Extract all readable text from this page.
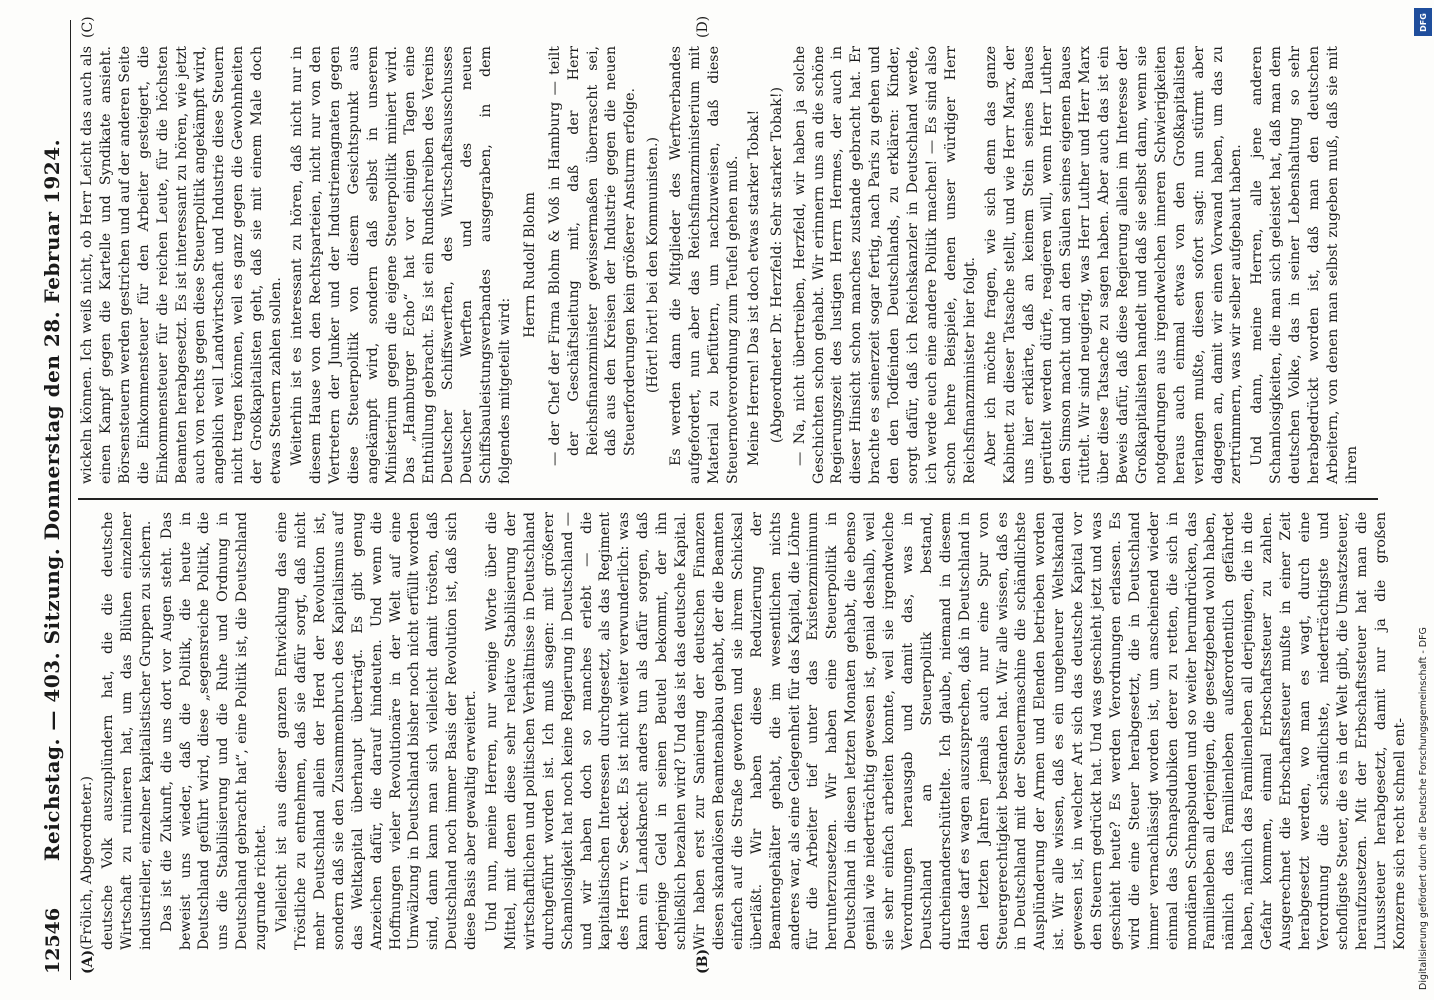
12546
Reichstag. — 403. Sitzung. Donnerstag den 28. Februar 1924.
(A)	(B)
(C)	(D)

(Frölich, Abgeordneter.) deutsche Volk auszuplündern hat, die die deutsche Wirtschaft zu ruinieren hat, um das Blühen einzelner industrieller, einzelner kapitalistischer Gruppen zu sichern. Das ist die Zukunft, die uns dort vor Augen steht. Das beweist uns wieder, daß die Politik, die heute in Deutschland geführt wird, diese „segensreiche Politik, die uns die Stabilisierung und die Ruhe und Ordnung in Deutschland gebracht hat“, eine Politik ist, die Deutschland zugrunde richtet. Vielleicht ist aus dieser ganzen Entwicklung das eine Tröstliche zu entnehmen, daß sie dafür sorgt, daß nicht mehr Deutschland allein der Herd der Revolution ist, sondern daß sie den Zusammenbruch des Kapitalismus auf das Weltkapital überhaupt überträgt. Es gibt genug Anzeichen dafür, die darauf hindeuten. Und wenn die Hoffnungen vieler Revolutionäre in der Welt auf eine Umwälzung in Deutschland bisher noch nicht erfüllt worden sind, dann kann man sich vielleicht damit trösten, daß Deutschland noch immer Basis der Revolution ist, daß sich diese Basis aber gewaltig erweitert. Und nun, meine Herren, nur wenige Worte über die Mittel, mit denen diese sehr relative Stabilisierung der wirtschaftlichen und politischen Verhältnisse in Deutschland durchgeführt worden ist. Ich muß sagen: mit größerer Schamlosigkeit hat noch keine Regierung in Deutschland — und wir haben doch so manches erlebt — die kapitalistischen Interessen durchgesetzt, als das Regiment des Herrn v. Seeckt. Es ist nicht weiter verwunderlich: was kann ein Landsknecht anders tun als dafür sorgen, daß derjenige Geld in seinen Beutel bekommt, der ihn schließlich bezahlen wird? Und das ist das deutsche Kapital. Wir haben erst zur Sanierung der deutschen Finanzen diesen skandalösen Beamtenabbau gehabt, der die Beamten einfach auf die Straße geworfen und sie ihrem Schicksal überläßt. Wir haben diese Reduzierung der Beamtengehälter gehabt, die im wesentlichen nichts anderes war, als eine Gelegenheit für das Kapital, die Löhne für die Arbeiter tief unter das Existenzminimum herunterzusetzen. Wir haben eine Steuerpolitik in Deutschland in diesen letzten Monaten gehabt, die ebenso genial wie niederträchtig gewesen ist, genial deshalb, weil sie sehr einfach arbeiten konnte, weil sie irgendwelche Verordnungen herausgab und damit das, was in Deutschland an Steuerpolitik bestand, durcheinanderschüttelte. Ich glaube, niemand in diesem Hause darf es wagen auszusprechen, daß in Deutschland in den letzten Jahren jemals auch nur eine Spur von Steuergerechtigkeit bestanden hat. Wir alle wissen, daß es in Deutschland mit der Steuermaschine die schändlichste Ausplünderung der Armen und Elenden betrieben worden ist. Wir alle wissen, daß es ein ungeheurer Weltskandal gewesen ist, in welcher Art sich das deutsche Kapital vor den Steuern gedrückt hat. Und was geschieht jetzt und was geschieht heute? Es werden Verordnungen erlassen. Es wird die eine Steuer herabgesetzt, die in Deutschland immer vernachlässigt worden ist, um anscheinend wieder einmal das Schnapsdubiken derer zu retten, die sich in mondänen Schnapsbuden und so weiter herumdrücken, das Familienleben all derjenigen, die gesetzgebend wohl haben, nämlich das Familienleben außerordentlich gefährdet haben, nämlich das Familienleben all derjenigen, die in die Gefahr kommen, einmal Erbschaftssteuer zu zahlen. Ausgerechnet die Erbschaftssteuer mußte in einer Zeit herabgesetzt werden, wo man es wagt, durch eine Verordnung die schändlichste, niederträchtigste und schofligste Steuer, die es in der Welt gibt, die Umsatzsteuer, heraufzusetzen. Mit der Erbschaftssteuer hat man die Luxussteuer herabgesetzt, damit nur ja die großen Konzerne sich recht schnell ent-

wickeln können. Ich weiß nicht, ob Herr Leicht das auch als einen Kampf gegen die Kartelle und Syndikate ansieht. Börsensteuern werden gestrichen und auf der anderen Seite die Einkommensteuer für den Arbeiter gesteigert, die Einkommensteuer für die reichen Leute, für die höchsten Beamten herabgesetzt. Es ist interessant zu hören, wie jetzt auch von rechts gegen diese Steuerpolitik angekämpft wird, angeblich weil Landwirtschaft und Industrie diese Steuern nicht tragen können, weil es ganz gegen die Gewohnheiten der Großkapitalisten geht, daß sie mit einem Male doch etwas Steuern zahlen sollen. Weiterhin ist es interessant zu hören, daß nicht nur in diesem Hause von den Rechtsparteien, nicht nur von den Vertretern der Junker und der Industriemagnaten gegen diese Steuerpolitik von diesem Gesichtspunkt aus angekämpft wird, sondern daß selbst in unserem Ministerium gegen die eigene Steuerpolitik miniert wird. Das „Hamburger Echo“ hat vor einigen Tagen eine Enthüllung gebracht. Es ist ein Rundschreiben des Vereins Deutscher Schiffswerften, des Wirtschaftsausschusses Deutscher Werften und des neuen Schiffsbauleistungsverbandes ausgegraben, in dem folgendes mitgeteilt wird:

Herrn Rudolf Blohm — der Chef der Firma Blohm & Voß in Hamburg — teilt der Geschäftsleitung mit, daß der Herr Reichsfinanzminister gewissermaßen überrascht sei, daß aus den Kreisen der Industrie gegen die neuen Steuerforderungen kein größerer Ansturm erfolge. (Hört! hört! bei den Kommunisten.) Es werden dann die Mitglieder des Werftverbandes aufgefordert, nun aber das Reichsfinanzministerium mit Material zu befüttern, um nachzuweisen, daß diese Steuernotverordnung zum Teufel gehen muß. Meine Herren! Das ist doch etwas starker Tobak! (Abgeordneter Dr. Herzfeld: Sehr starker Tobak!) — Na, nicht übertreiben, Herzfeld, wir haben ja solche Geschichten schon gehabt. Wir erinnern uns an die schöne Regierungszeit des lustigen Herrn Hermes, der auch in dieser Hinsicht schon manches zustande gebracht hat. Er brachte es seinerzeit sogar fertig, nach Paris zu gehen und den den Todfeinden Deutschlands, zu erklären: Kinder, sorgt dafür, daß ich Reichskanzler in Deutschland werde, ich werde euch eine andere Politik machen! — Es sind also schon hehre Beispiele, denen unser würdiger Herr Reichsfinanzminister hier folgt. Aber ich möchte fragen, wie sich denn das ganze Kabinett zu dieser Tatsache stellt, und wie Herr Marx, der uns hier erklärte, daß an keinem Stein seines Baues gerüttelt werden dürfe, reagieren will, wenn Herr Luther den Simson macht und an den Säulen seines eigenen Baues rüttelt. Wir sind neugierig, was Herr Luther und Herr Marx über diese Tatsache zu sagen haben. Aber auch das ist ein Beweis dafür, daß diese Regierung allein im Interesse der Großkapitalisten handelt und daß sie selbst dann, wenn sie notgedrungen aus irgendwelchen inneren Schwierigkeiten heraus auch einmal etwas von den Großkapitalisten verlangen mußte, diesen sofort sagt: nun stürmt aber dagegen an, damit wir einen Vorwand haben, um das zu zertrümmern, was wir selber aufgebaut haben. Und dann, meine Herren, alle jene anderen Schamlosigkeiten, die man sich geleistet hat, daß man dem deutschen Volke, das in seiner Lebenshaltung so sehr herabgedrückt worden ist, daß man den deutschen Arbeitern, von denen man selbst zugeben muß, daß sie mit ihren

DFG
Digitalisierung gefördert durch die Deutsche Forschungsgemeinschaft - DFG
